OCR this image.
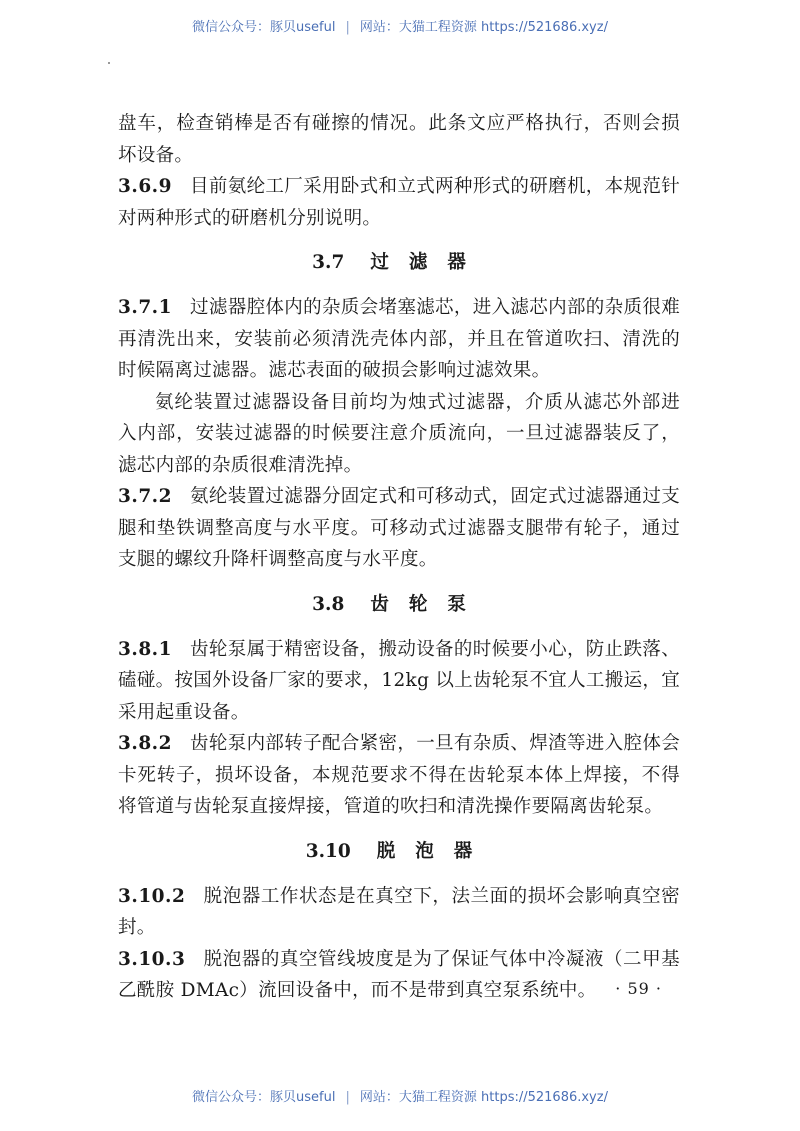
微信公众号：豚贝useful | 网站：大猫工程资源 https://521686.xyz/

盘车，检查销棒是否有碰擦的情况。此条文应严格执行，否则会损坏设备。

3.6.9 目前氨纶工厂采用卧式和立式两种形式的研磨机，本规范针对两种形式的研磨机分别说明。

3.7 过滤器

3.7.1 过滤器腔体内的杂质会堵塞滤芯，进入滤芯内部的杂质很难再清洗出来，安装前必须清洗壳体内部，并且在管道吹扫、清洗的时候隔离过滤器。滤芯表面的破损会影响过滤效果。

氨纶装置过滤器设备目前均为烛式过滤器，介质从滤芯外部进入内部，安装过滤器的时候要注意介质流向，一旦过滤器装反了，滤芯内部的杂质很难清洗掉。

3.7.2 氨纶装置过滤器分固定式和可移动式，固定式过滤器通过支腿和垫铁调整高度与水平度。可移动式过滤器支腿带有轮子，通过支腿的螺纹升降杆调整高度与水平度。

3.8 齿轮泵

3.8.1 齿轮泵属于精密设备，搬动设备的时候要小心，防止跌落、磕碰。按国外设备厂家的要求，12kg 以上齿轮泵不宜人工搬运，宜采用起重设备。

3.8.2 齿轮泵内部转子配合紧密，一旦有杂质、焊渣等进入腔体会卡死转子，损坏设备，本规范要求不得在齿轮泵本体上焊接，不得将管道与齿轮泵直接焊接，管道的吹扫和清洗操作要隔离齿轮泵。

3.10 脱泡器

3.10.2 脱泡器工作状态是在真空下，法兰面的损坏会影响真空密封。

3.10.3 脱泡器的真空管线坡度是为了保证气体中冷凝液（二甲基乙酰胺 DMAc）流回设备中，而不是带到真空泵系统中。	· 59 ·
微信公众号：豚贝useful | 网站：大猫工程资源 https://521686.xyz/
